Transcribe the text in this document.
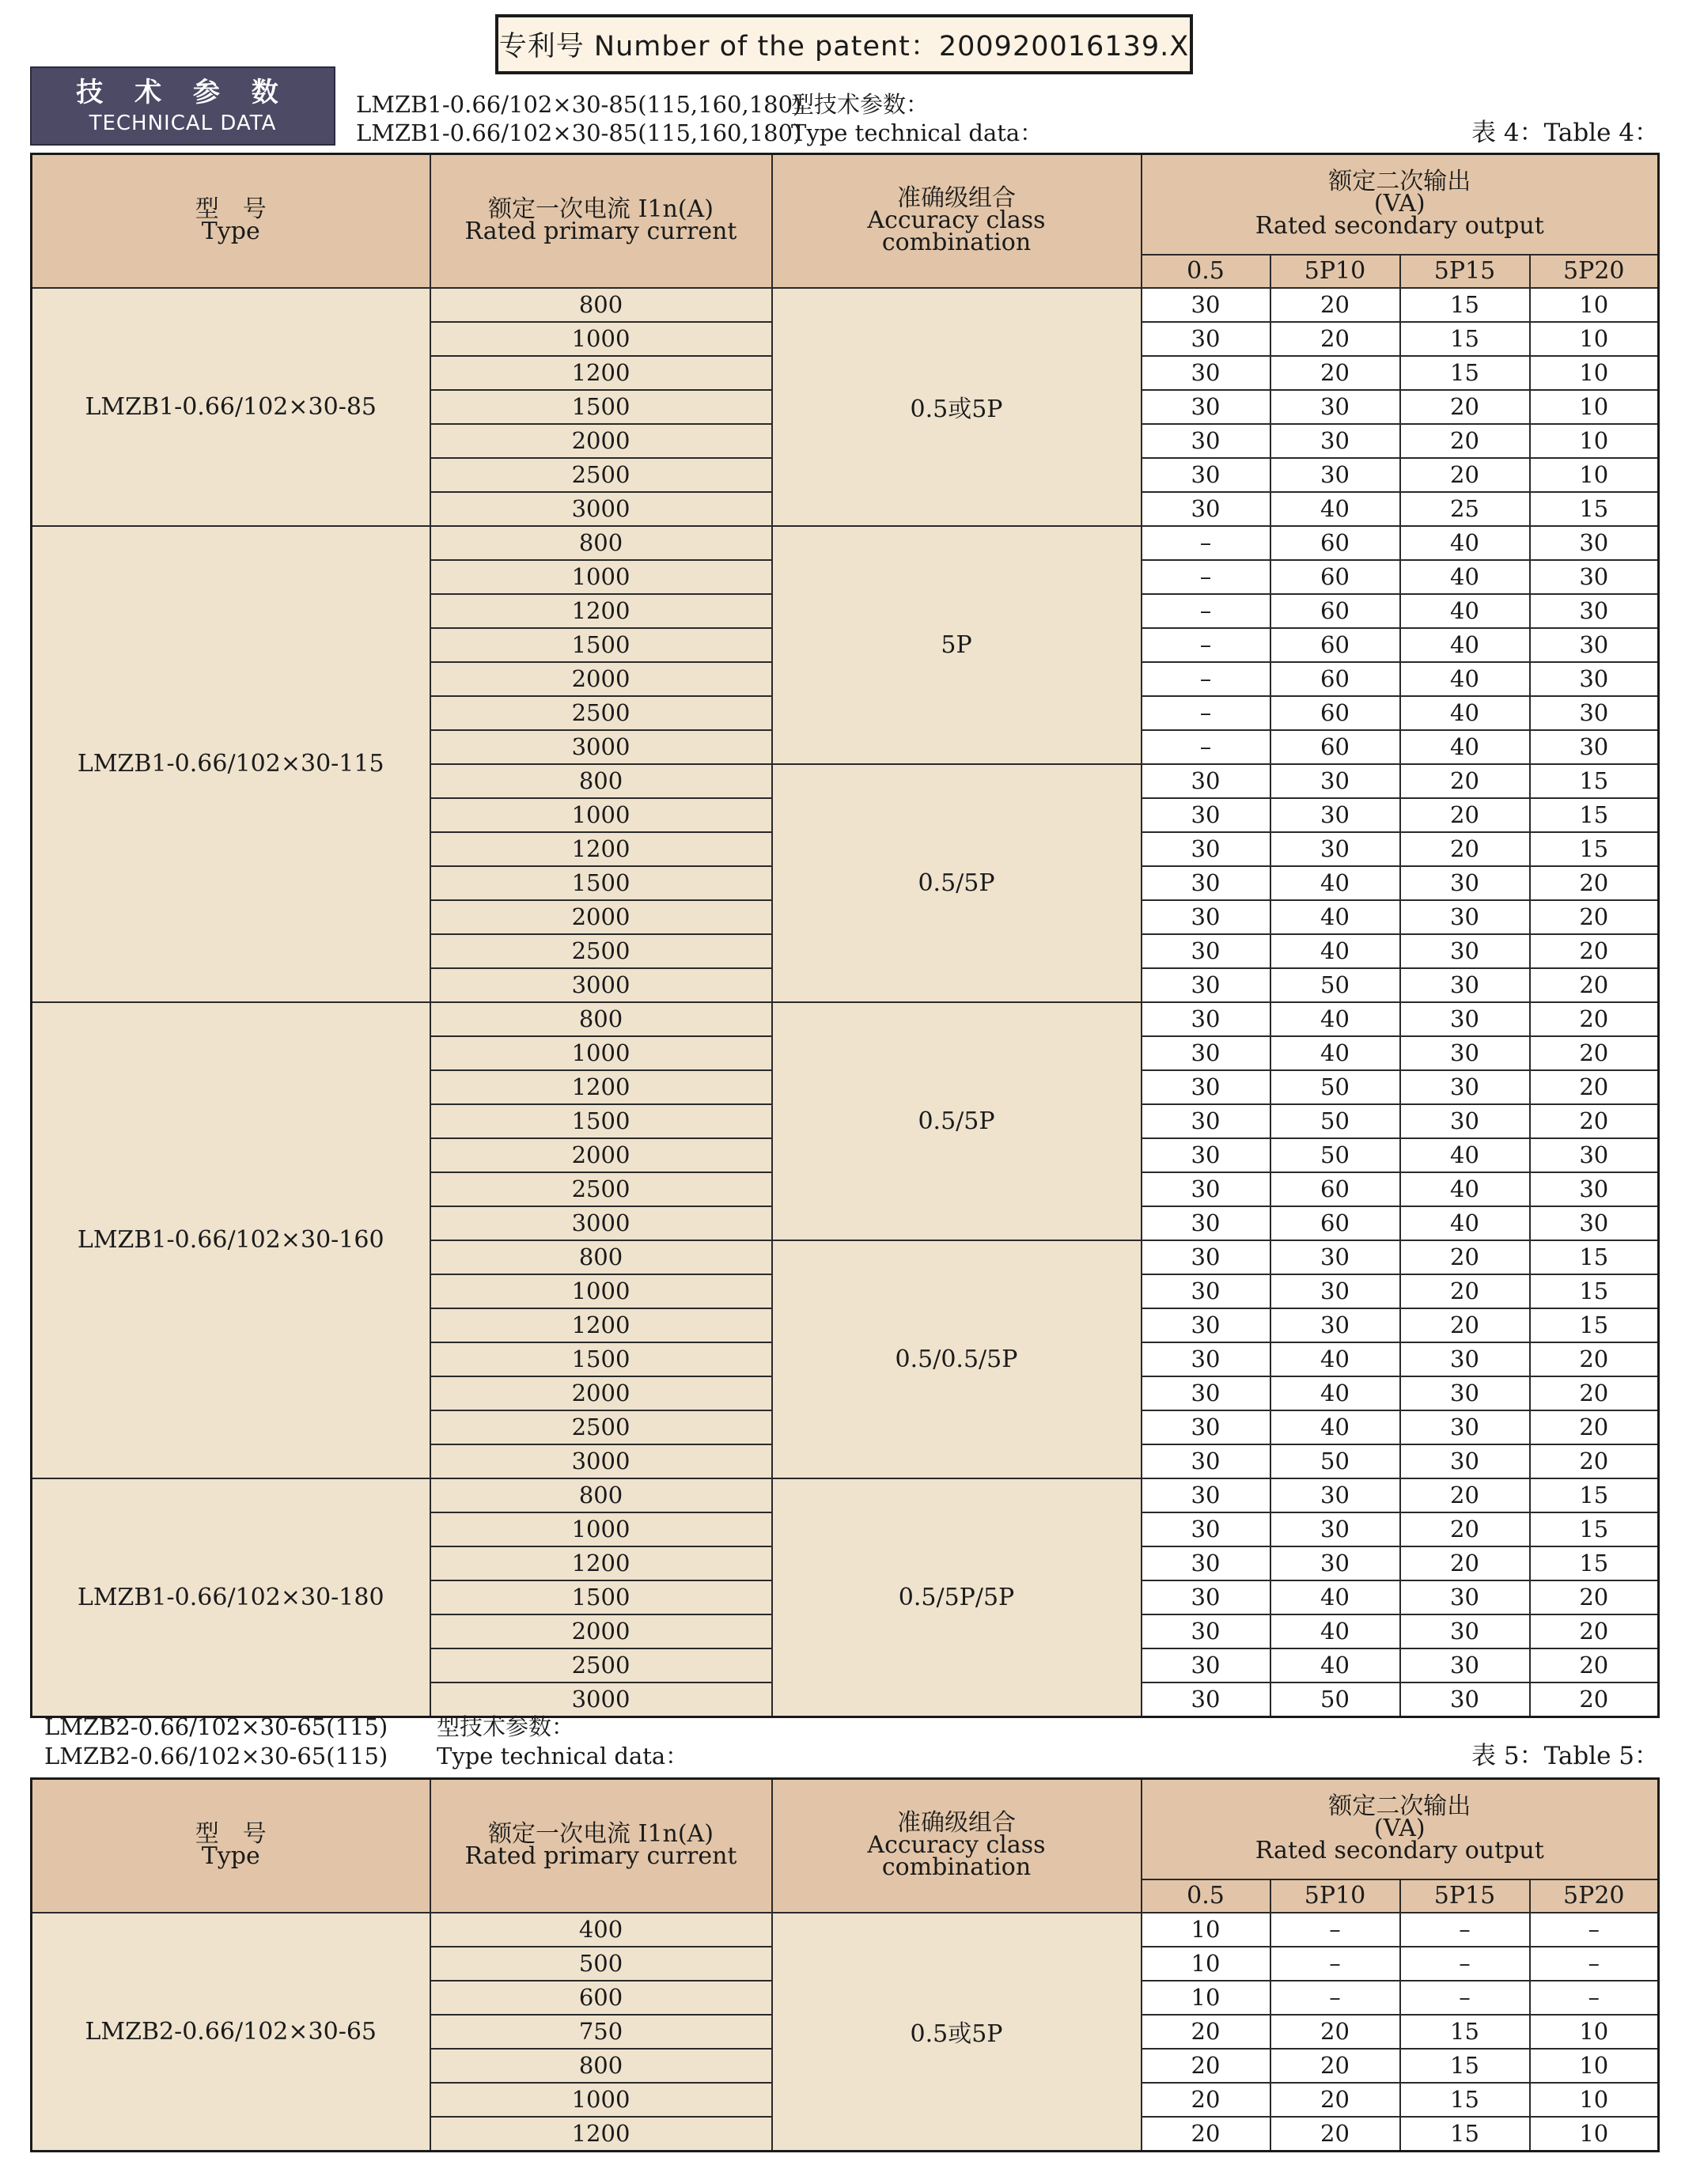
专利号 Number of the patent：200920016139.X
技 术 参 数
TECHNICAL DATA
LMZB1-0.66/102×30-85(115,160,180)
型技术参数：
LMZB1-0.66/102×30-85(115,160,180)
Type technical data：	表 4：Table 4：
型　号
Type	额定一次电流 I1n(A)
Rated primary current	准确级组合
Accuracy class
combination	额定二次输出
(VA)
Rated secondary output			

			0.5	5P10	5P15	5P20
LMZB1-0.66/102×30-85	800	0.5或5P	30	20	15	10
	1000		30	20	15	10
	1200		30	20	15	10
	1500		30	30	20	10
	2000		30	30	20	10
	2500		30	30	20	10
	3000		30	40	25	15
LMZB1-0.66/102×30-115	800	5P	–	60	40	30
	1000		–	60	40	30
	1200		–	60	40	30
	1500		–	60	40	30
	2000		–	60	40	30
	2500		–	60	40	30
	3000		–	60	40	30
	800	0.5/5P	30	30	20	15
	1000		30	30	20	15
	1200		30	30	20	15
	1500		30	40	30	20
	2000		30	40	30	20
	2500		30	40	30	20
	3000		30	50	30	20
LMZB1-0.66/102×30-160	800	0.5/5P	30	40	30	20
	1000		30	40	30	20
	1200		30	50	30	20
	1500		30	50	30	20
	2000		30	50	40	30
	2500		30	60	40	30
	3000		30	60	40	30
	800	0.5/0.5/5P	30	30	20	15
	1000		30	30	20	15
	1200		30	30	20	15
	1500		30	40	30	20
	2000		30	40	30	20
	2500		30	40	30	20
	3000		30	50	30	20
LMZB1-0.66/102×30-180	800	0.5/5P/5P	30	30	20	15
	1000		30	30	20	15
	1200		30	30	20	15
	1500		30	40	30	20
	2000		30	40	30	20
	2500		30	40	30	20
	3000		30	50	30	20
LMZB2-0.66/102×30-65(115) 型技术参数：
LMZB2-0.66/102×30-65(115) Type technical data：	表 5：Table 5：
型　号
Type	额定一次电流 I1n(A)
Rated primary current	准确级组合
Accuracy class
combination	额定二次输出
(VA)
Rated secondary output			

			0.5	5P10	5P15	5P20
LMZB2-0.66/102×30-65	400	0.5或5P	10	–	–	–
	500		10	–	–	–
	600		10	–	–	–
	750		20	20	15	10
	800		20	20	15	10
	1000		20	20	15	10
	1200		20	20	15	10
